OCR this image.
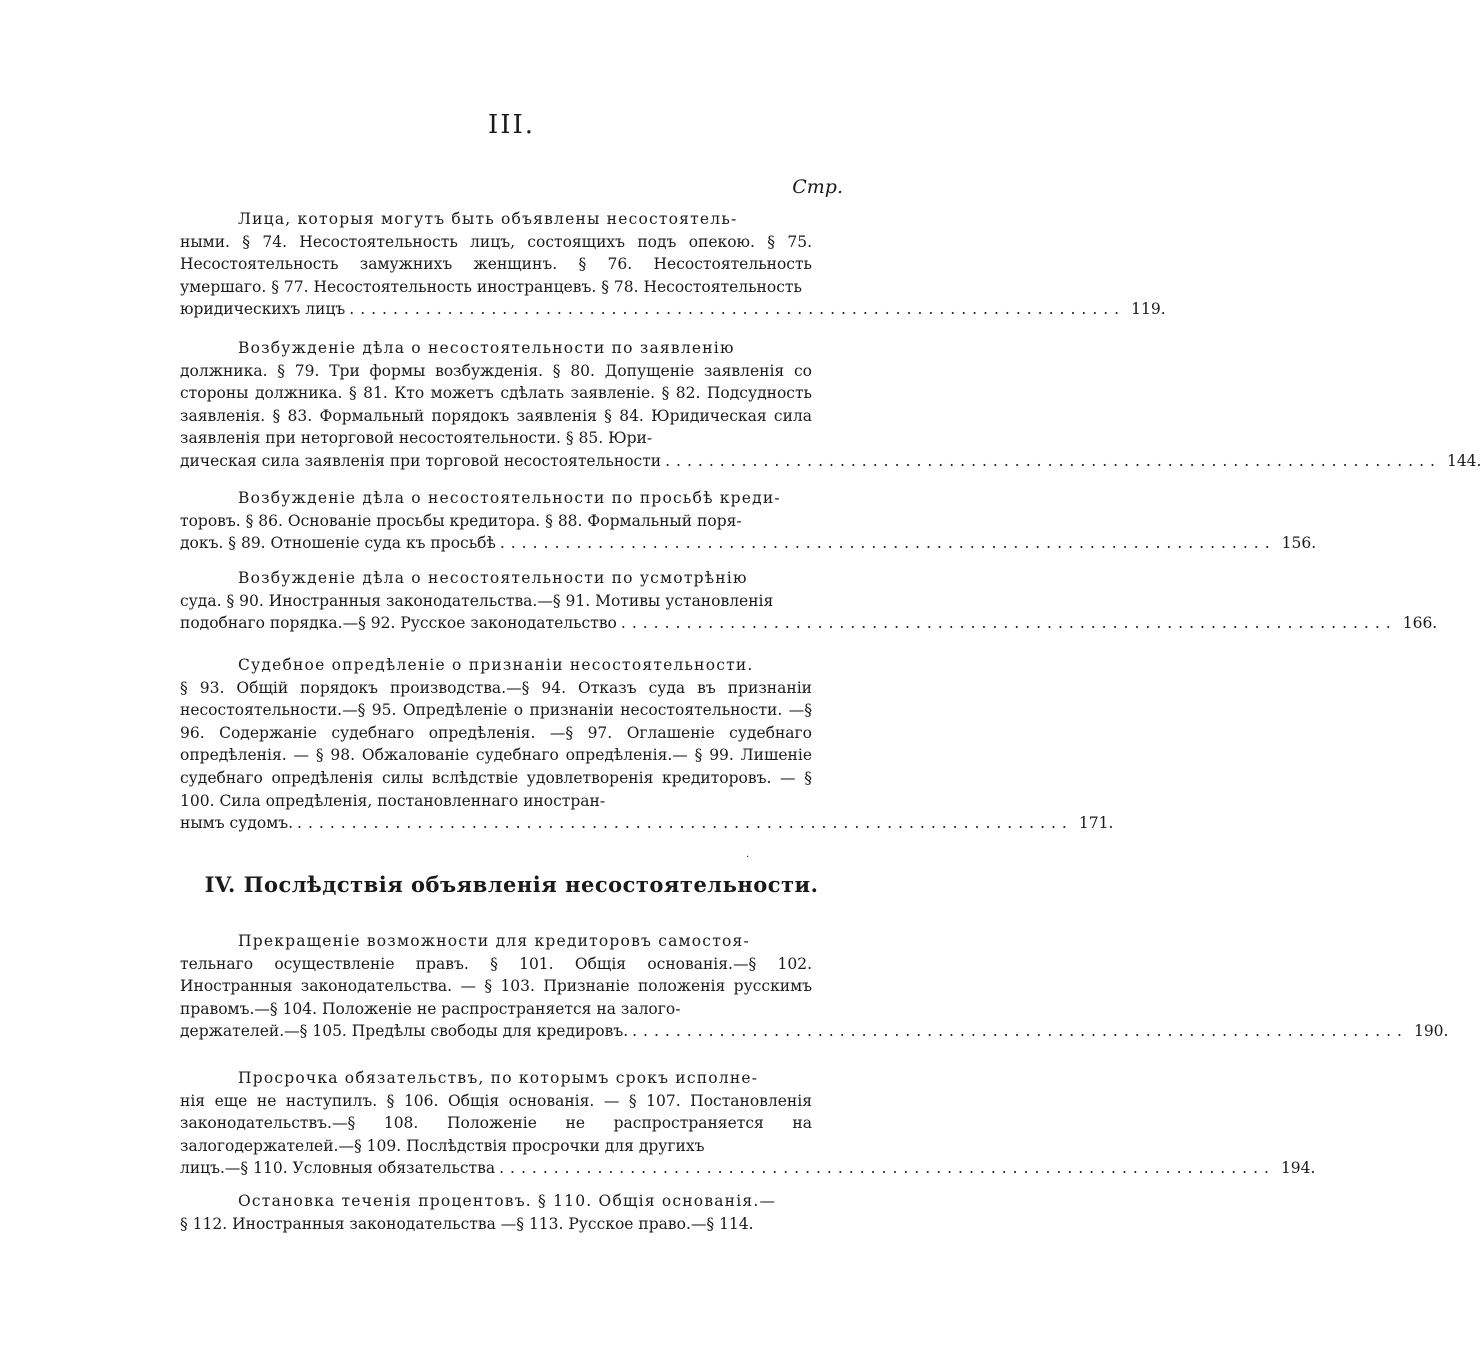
III.
Стр.
Лица, которыя могутъ быть объявлены несостоятель-
ными. § 74. Несостоятельность лицъ, состоящихъ подъ опекою. § 75. Несостоятельность замужнихъ женщинъ. § 76. Несостоятельность умершаго. § 77. Несостоятельность иностранцевъ. § 78. Несостоятельность
юридическихъ лицъ ....................................................................... 119.
Возбужденіе дѣла о несостоятельности по заявленію
должника. § 79. Три формы возбужденія. § 80. Допущеніе заявленія со стороны должника. § 81. Кто можетъ сдѣлать заявленіе. § 82. Подсудность заявленія. § 83. Формальный порядокъ заявленія § 84. Юридическая сила заявленія при неторговой несостоятельности. § 85. Юри-
дическая сила заявленія при торговой несостоятельности ....................................................................... 144.
Возбужденіе дѣла о несостоятельности по просьбѣ креди-
торовъ. § 86. Основаніе просьбы кредитора. § 88. Формальный поря-
докъ. § 89. Отношеніе суда къ просьбѣ ....................................................................... 156.
Возбужденіе дѣла о несостоятельности по усмотрѣнію
суда. § 90. Иностранныя законодательства.—§ 91. Мотивы установленія
подобнаго порядка.—§ 92. Русское законодательство ....................................................................... 166.
Судебное опредѣленіе о признаніи несостоятельности.
§ 93. Общій порядокъ производства.—§ 94. Отказъ суда въ признаніи несостоятельности.—§ 95. Опредѣленіе о признаніи несостоятельности. —§ 96. Содержаніе судебнаго опредѣленія. —§ 97. Оглашеніе судебнаго опредѣленія. — § 98. Обжалованіе судебнаго опредѣленія.— § 99. Лишеніе судебнаго опредѣленія силы вслѣдствіе удовлетворенія кредиторовъ. — § 100. Сила опредѣленія, постановленнаго иностран-
нымъ судомъ. ....................................................................... 171.
·
IV. Послѣдствія объявленія несостоятельности.
Прекращеніе возможности для кредиторовъ самостоя-
тельнаго осуществленіе правъ. § 101. Общія основанія.—§ 102. Иностранныя законодательства. — § 103. Признаніе положенія русскимъ правомъ.—§ 104. Положеніе не распространяется на залого-
держателей.—§ 105. Предѣлы свободы для кредировъ. ....................................................................... 190.
Просрочка обязательствъ, по которымъ срокъ исполне-
нія еще не наступилъ. § 106. Общія основанія. — § 107. Постановленія законодательствъ.—§ 108. Положеніе не распространяется на залогодержателей.—§ 109. Послѣдствія просрочки для другихъ
лицъ.—§ 110. Условныя обязательства ....................................................................... 194.
Остановка теченія процентовъ. § 110. Общія основанія.—
§ 112. Иностранныя законодательства —§ 113. Русское право.—§ 114.
